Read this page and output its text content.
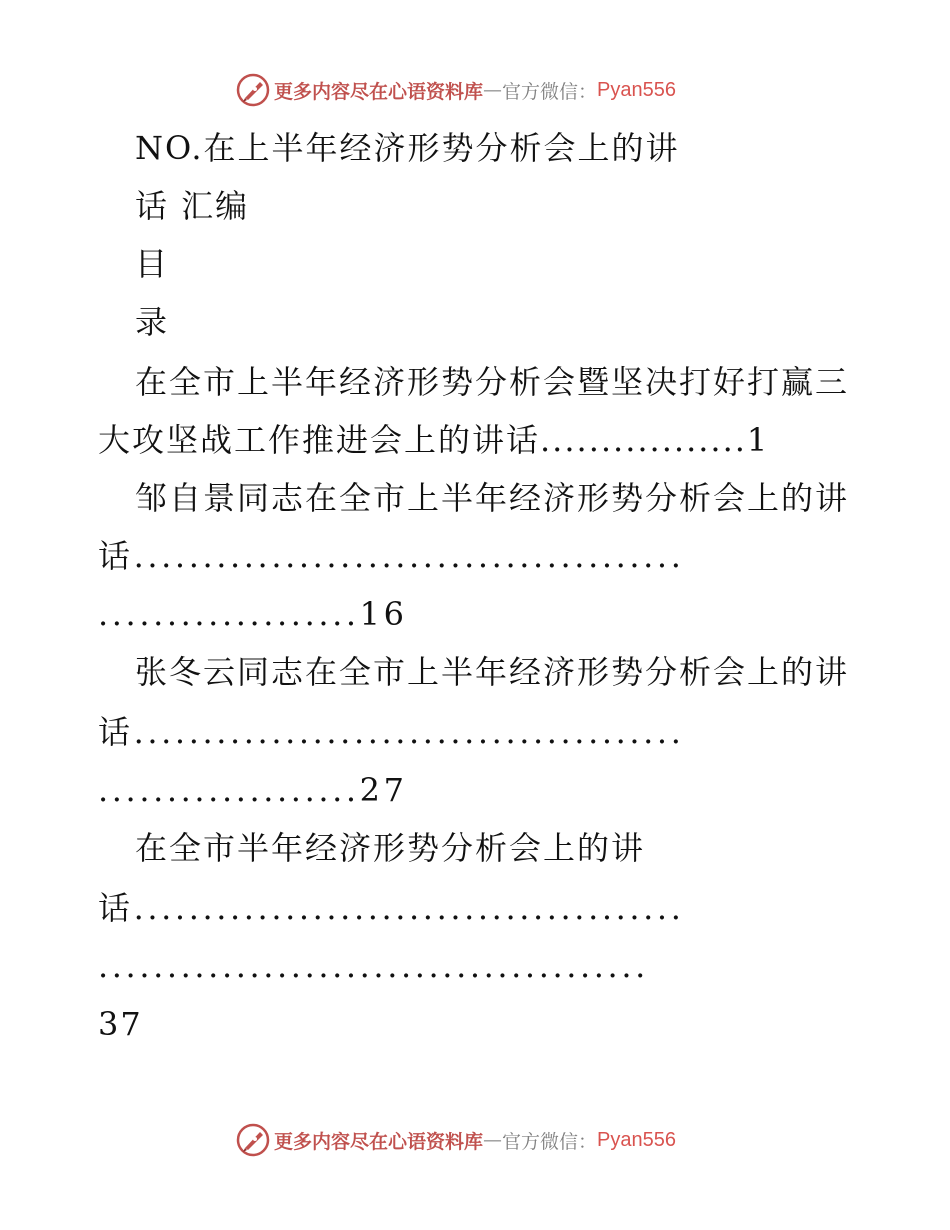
更多内容尽在心语资料库 — 官方微信： Pyan556
NO.在上半年经济形势分析会上的讲
话 汇编
目
录
在全市上半年经济形势分析会暨坚决打好打赢三
大攻坚战工作推进会上的讲话.................1
邹自景同志在全市上半年经济形势分析会上的讲
话........................................
...................16
张冬云同志在全市上半年经济形势分析会上的讲
话........................................
...................27
在全市半年经济形势分析会上的讲
话........................................
........................................
37
更多内容尽在心语资料库 — 官方微信： Pyan556
